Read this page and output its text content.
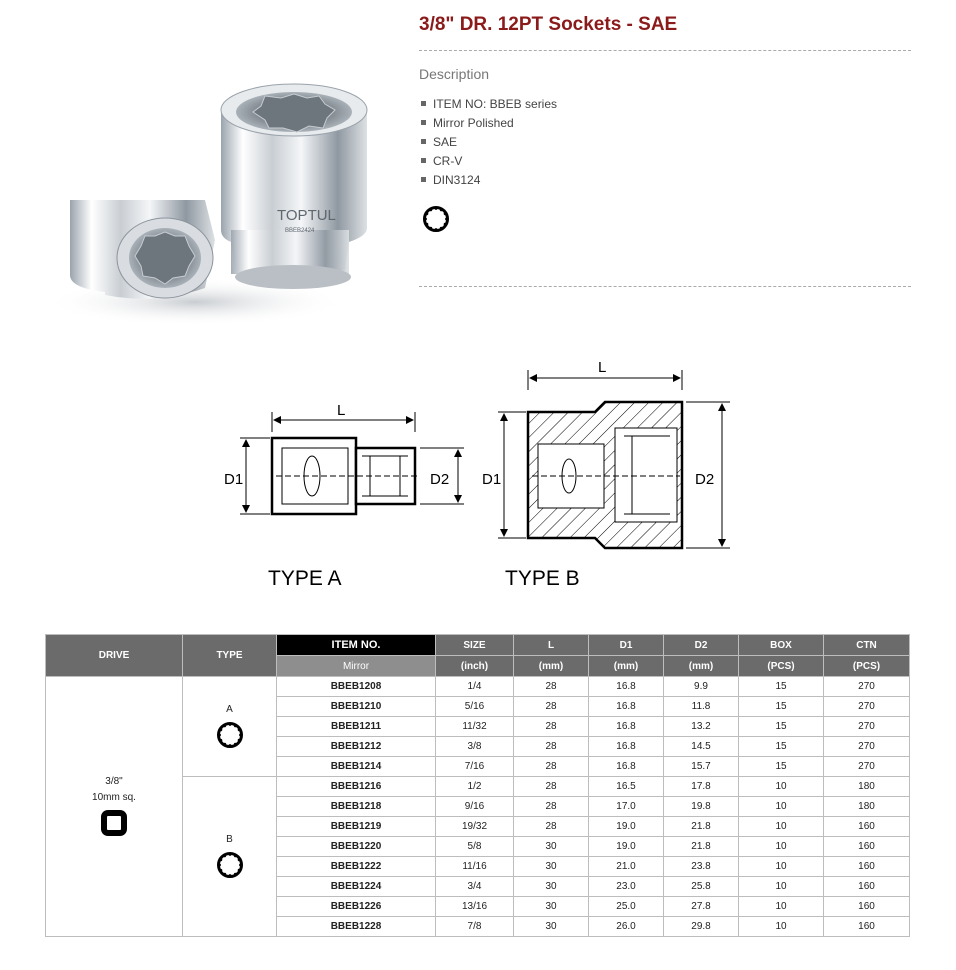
TOPTUL
BBEB2424
3/8" DR. 12PT Sockets - SAE
Description
ITEM NO: BBEB series
Mirror Polished
SAE
CR-V
DIN3124
L
D1	D2
TYPE A
L
D1	D2
TYPE B
DRIVE	TYPE	ITEM NO.	SIZE	L	D1	D2	BOX	CTN
		Mirror	(inch)	(mm)	(mm)	(mm)	(PCS)	(PCS)

3/8"
10mm sq.	A	BBEB1208	1/4	28	16.8	9.9	15	270
		BBEB1210	5/16	28	16.8	11.8	15	270
		BBEB1211	11/32	28	16.8	13.2	15	270
		BBEB1212	3/8	28	16.8	14.5	15	270
		BBEB1214	7/16	28	16.8	15.7	15	270

	B	BBEB1216	1/2	28	16.5	17.8	10	180
		BBEB1218	9/16	28	17.0	19.8	10	180
		BBEB1219	19/32	28	19.0	21.8	10	160
		BBEB1220	5/8	30	19.0	21.8	10	160
		BBEB1222	11/16	30	21.0	23.8	10	160
		BBEB1224	3/4	30	23.0	25.8	10	160
		BBEB1226	13/16	30	25.0	27.8	10	160
		BBEB1228	7/8	30	26.0	29.8	10	160
